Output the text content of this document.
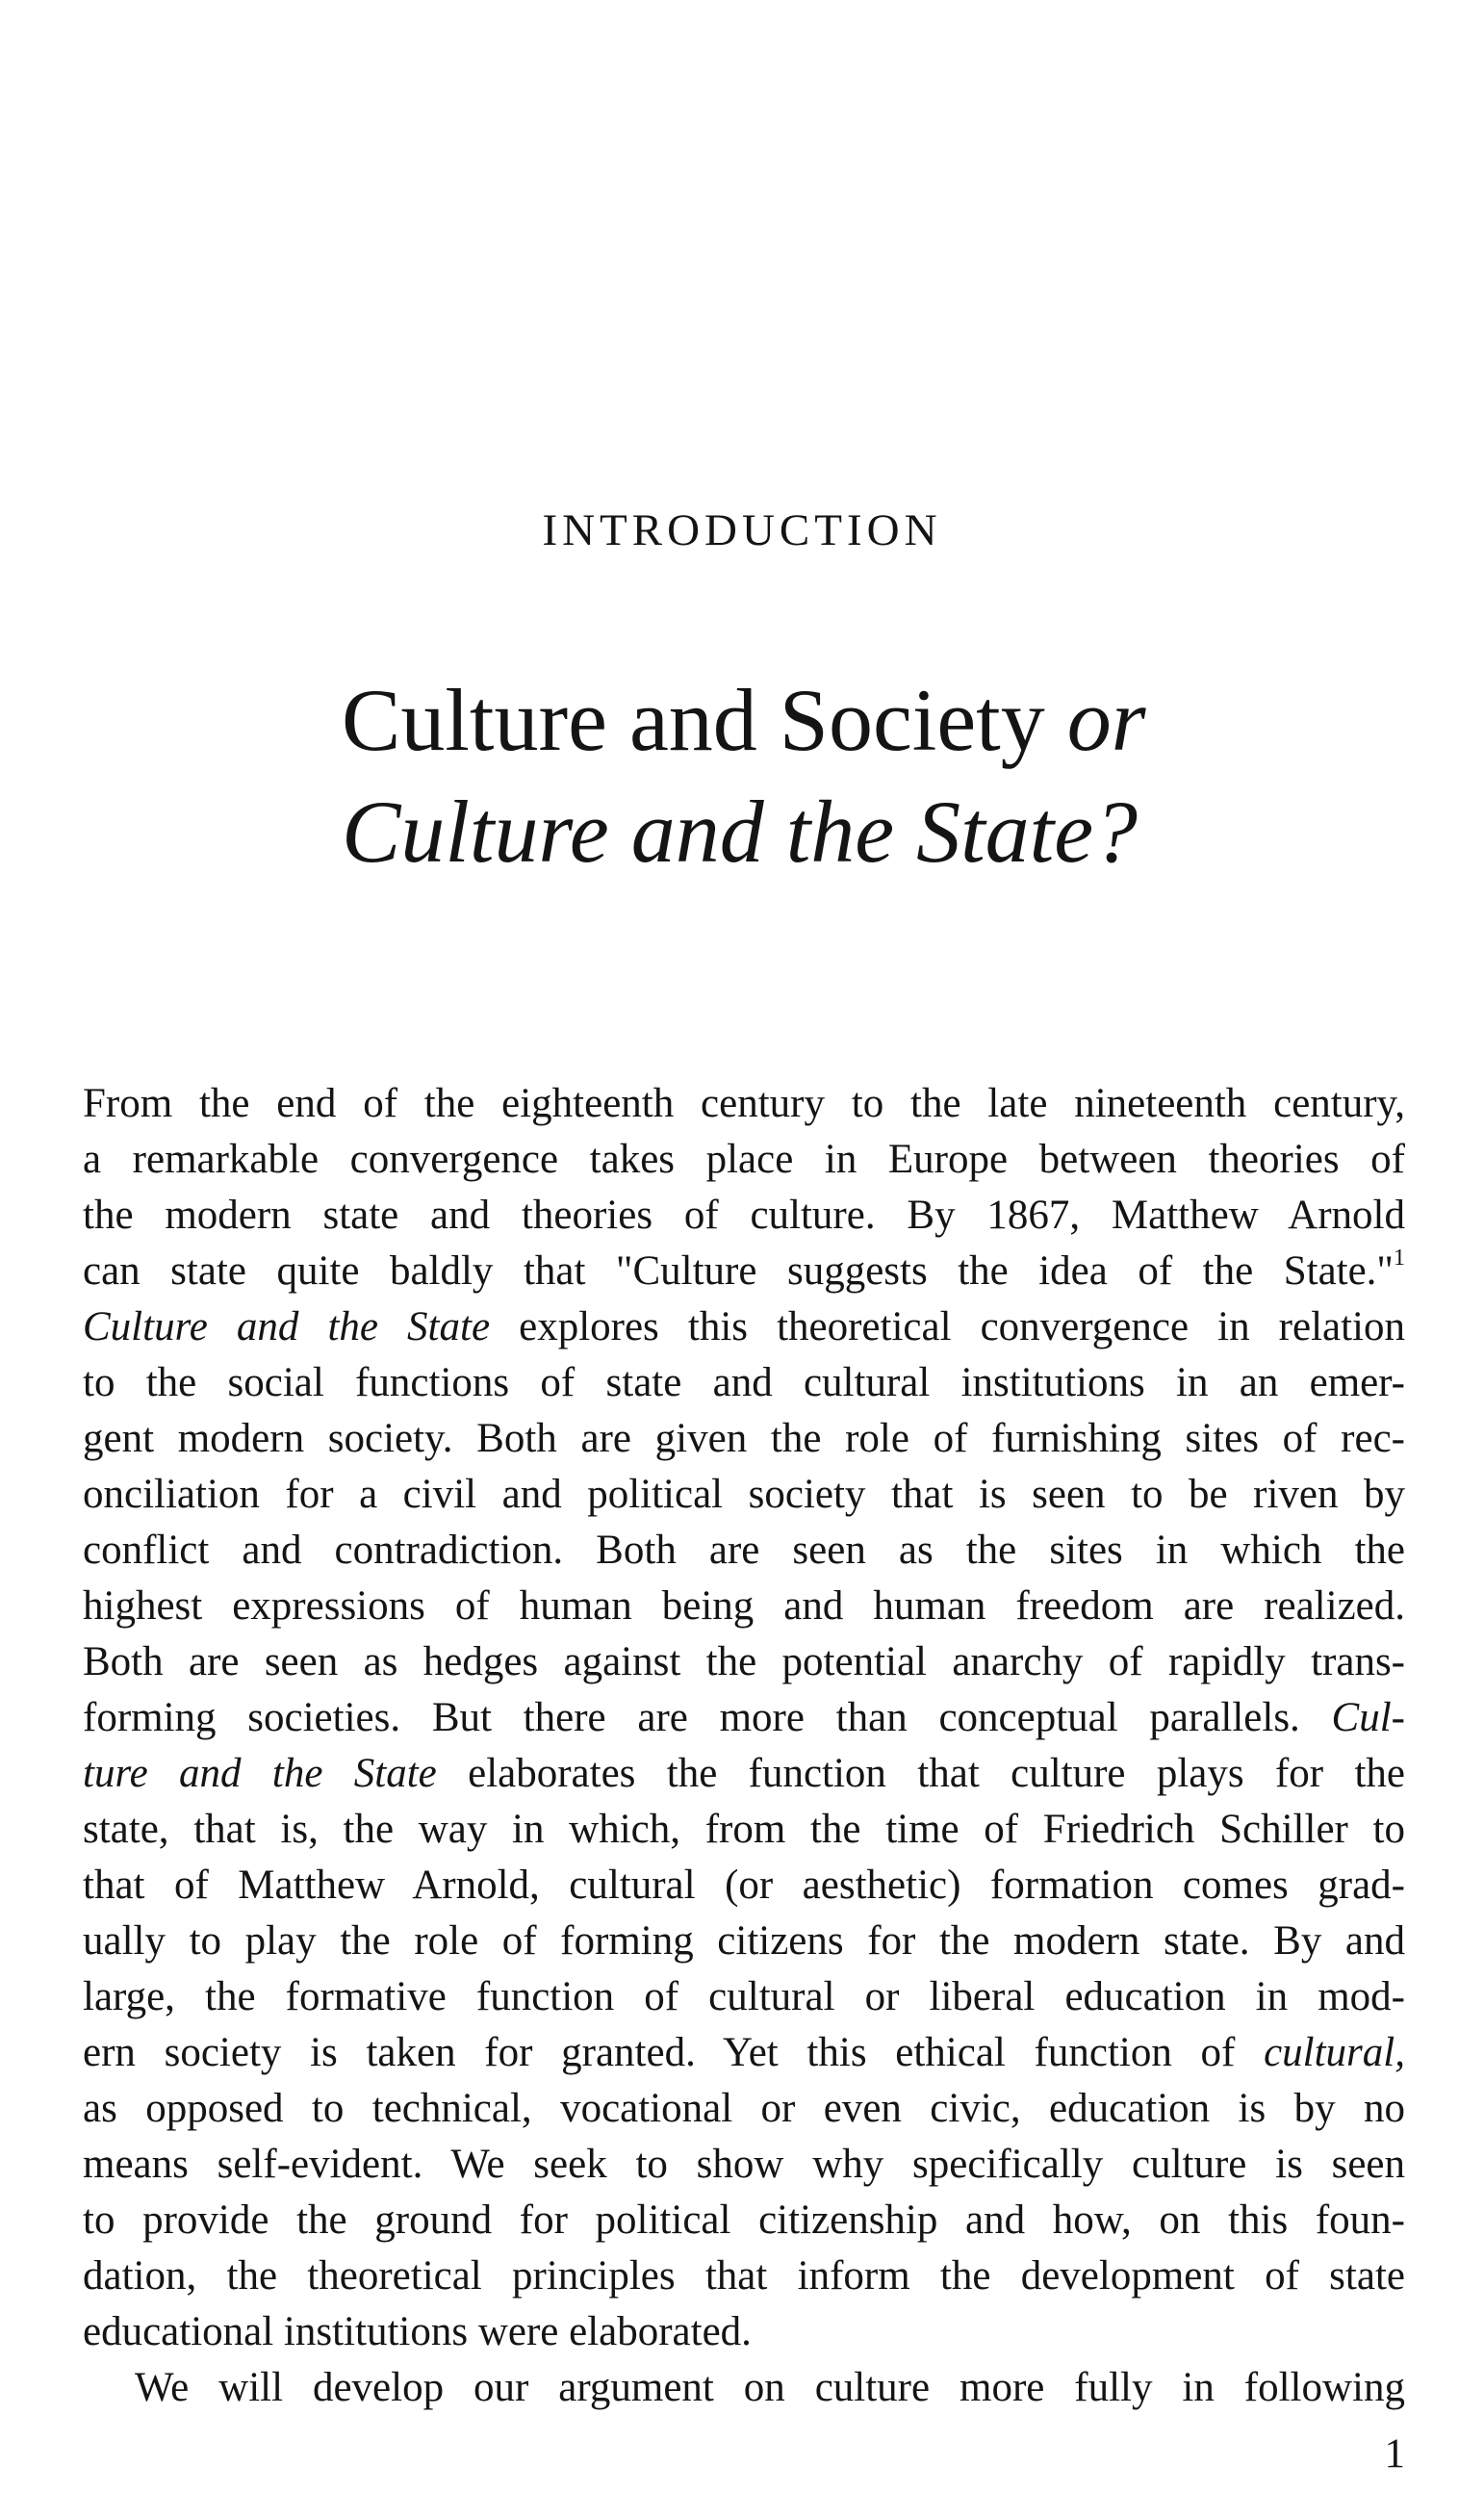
INTRODUCTION
Culture and Society or
Culture and the State?
From the end of the eighteenth century to the late nineteenth century,
a remarkable convergence takes place in Europe between theories of
the modern state and theories of culture. By 1867, Matthew Arnold
can state quite baldly that "Culture suggests the idea of the State."$^1$
Culture and the State explores this theoretical convergence in relation
to the social functions of state and cultural institutions in an emer-
gent modern society. Both are given the role of furnishing sites of rec-
onciliation for a civil and political society that is seen to be riven by
conflict and contradiction. Both are seen as the sites in which the
highest expressions of human being and human freedom are realized.
Both are seen as hedges against the potential anarchy of rapidly trans-
forming societies. But there are more than conceptual parallels. Cul-
ture and the State elaborates the function that culture plays for the
state, that is, the way in which, from the time of Friedrich Schiller to
that of Matthew Arnold, cultural (or aesthetic) formation comes grad-
ually to play the role of forming citizens for the modern state. By and
large, the formative function of cultural or liberal education in mod-
ern society is taken for granted. Yet this ethical function of cultural,
as opposed to technical, vocational or even civic, education is by no
means self-evident. We seek to show why specifically culture is seen
to provide the ground for political citizenship and how, on this foun-
dation, the theoretical principles that inform the development of state
educational institutions were elaborated.
We will develop our argument on culture more fully in following
1
